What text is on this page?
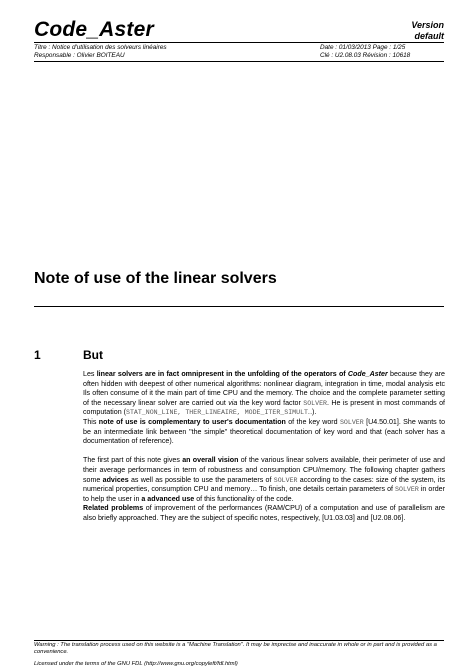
Code_Aster	Version
default
Titre : Notice d'utilisation des solveurs linéaires
Responsable : Olivier BOITEAU
Date : 01/03/2013 Page : 1/25
Clé : U2.08.03 Révision : 10618
Note of use of the linear solvers
1	But

Les linear solvers are in fact omnipresent in the unfolding of the operators of Code_Aster because they are often hidden with deepest of other numerical algorithms: nonlinear diagram, integration in time, modal analysis etc Ils often consume of it the main part of time CPU and the memory. The choice and the complete parameter setting of the necessary linear solver are carried out via the key word factor SOLVER. He is present in most commands of computation (STAT_NON_LINE, THER_LINEAIRE, MODE_ITER_SIMULT…).

This note of use is complementary to user's documentation of the key word SOLVER [U4.50.01]. She wants to be an intermediate link between "the simple" theoretical documentation of key word and that (each solver has a documentation of reference).

The first part of this note gives an overall vision of the various linear solvers available, their perimeter of use and their average performances in term of robustness and consumption CPU/memory. The following chapter gathers some advices as well as possible to use the parameters of SOLVER according to the cases: size of the system, its numerical properties, consumption CPU and memory… To finish, one details certain parameters of SOLVER in order to help the user in a advanced use of this functionality of the code.

Related problems of improvement of the performances (RAM/CPU) of a computation and use of parallelism are also briefly approached. They are the subject of specific notes, respectively, [U1.03.03] and [U2.08.06].

Warning : The translation process used on this website is a "Machine Translation". It may be imprecise and inaccurate in whole or in part and is provided as a convenience.
Licensed under the terms of the GNU FDL (http://www.gnu.org/copyleft/fdl.html)
